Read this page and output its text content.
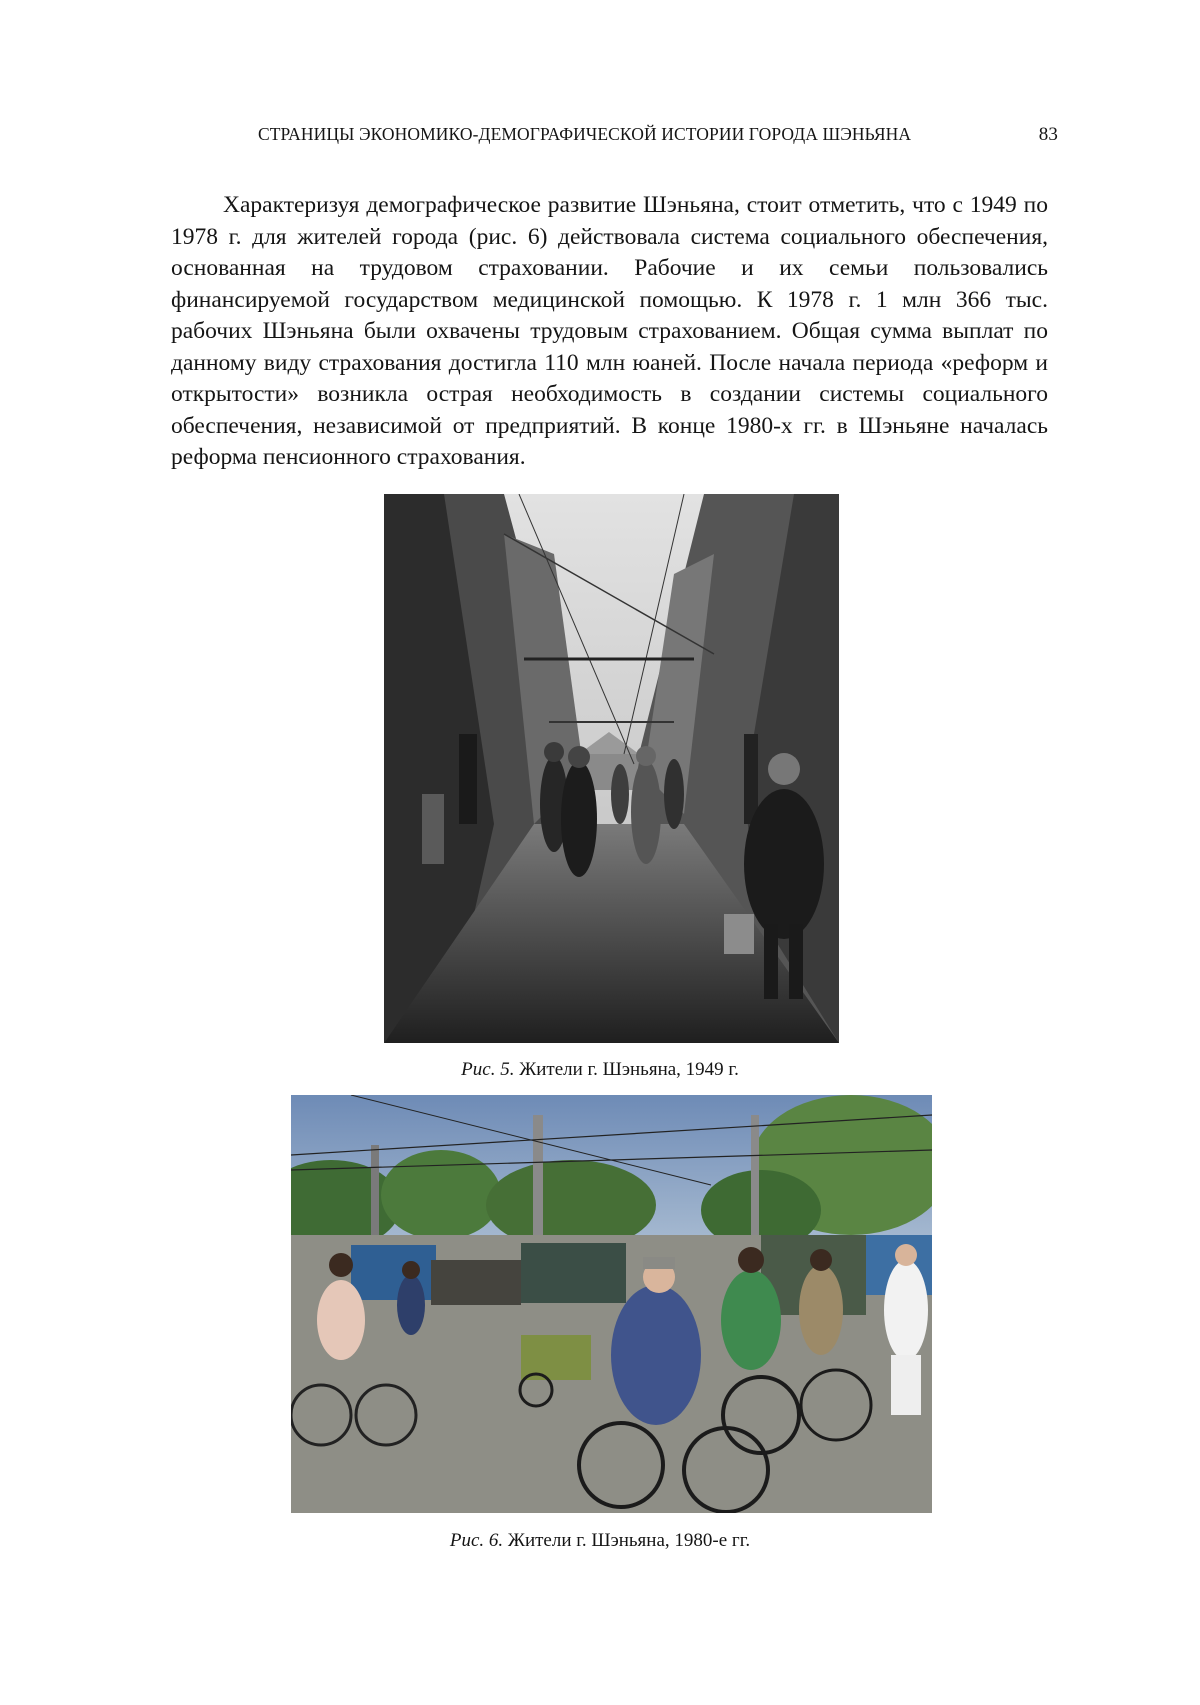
СТРАНИЦЫ ЭКОНОМИКО-ДЕМОГРАФИЧЕСКОЙ ИСТОРИИ ГОРОДА ШЭНЬЯНА	83

Характеризуя демографическое развитие Шэньяна, стоит отметить, что с 1949 по 1978 г. для жителей города (рис. 6) действовала система социального обеспечения, основанная на трудовом страховании. Рабочие и их семьи пользовались финансируемой государством медицинской помощью. К 1978 г. 1 млн 366 тыс. рабочих Шэньяна были охвачены трудовым страхованием. Общая сумма выплат по данному виду страхования достигла 110 млн юаней. После начала периода «реформ и открытости» возникла острая необходимость в создании системы социального обеспечения, независимой от предприятий. В конце 1980-х гг. в Шэньяне началась реформа пенсионного страхования.

Рис. 5. Жители г. Шэньяна, 1949 г.
Рис. 6. Жители г. Шэньяна, 1980-е гг.
